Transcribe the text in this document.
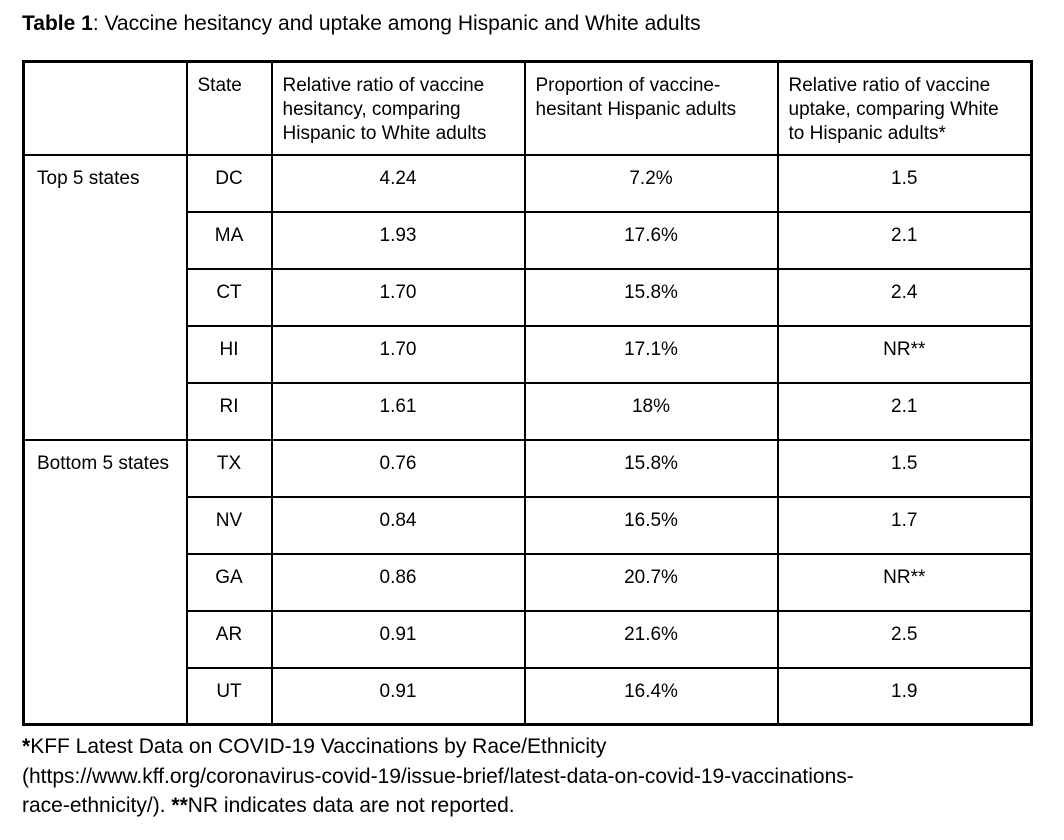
Table 1: Vaccine hesitancy and uptake among Hispanic and White adults
	State	Relative ratio of vaccine hesitancy, comparing Hispanic to White adults	Proportion of vaccine-hesitant Hispanic adults	Relative ratio of vaccine uptake, comparing White to Hispanic adults*
Top 5 states	DC	4.24	7.2%	1.5
	MA	1.93	17.6%	2.1
	CT	1.70	15.8%	2.4
	HI	1.70	17.1%	NR**
	RI	1.61	18%	2.1
Bottom 5 states	TX	0.76	15.8%	1.5
	NV	0.84	16.5%	1.7
	GA	0.86	20.7%	NR**
	AR	0.91	21.6%	2.5
	UT	0.91	16.4%	1.9
*KFF Latest Data on COVID-19 Vaccinations by Race/Ethnicity
(https://www.kff.org/coronavirus-covid-19/issue-brief/latest-data-on-covid-19-vaccinations-
race-ethnicity/). **NR indicates data are not reported.
